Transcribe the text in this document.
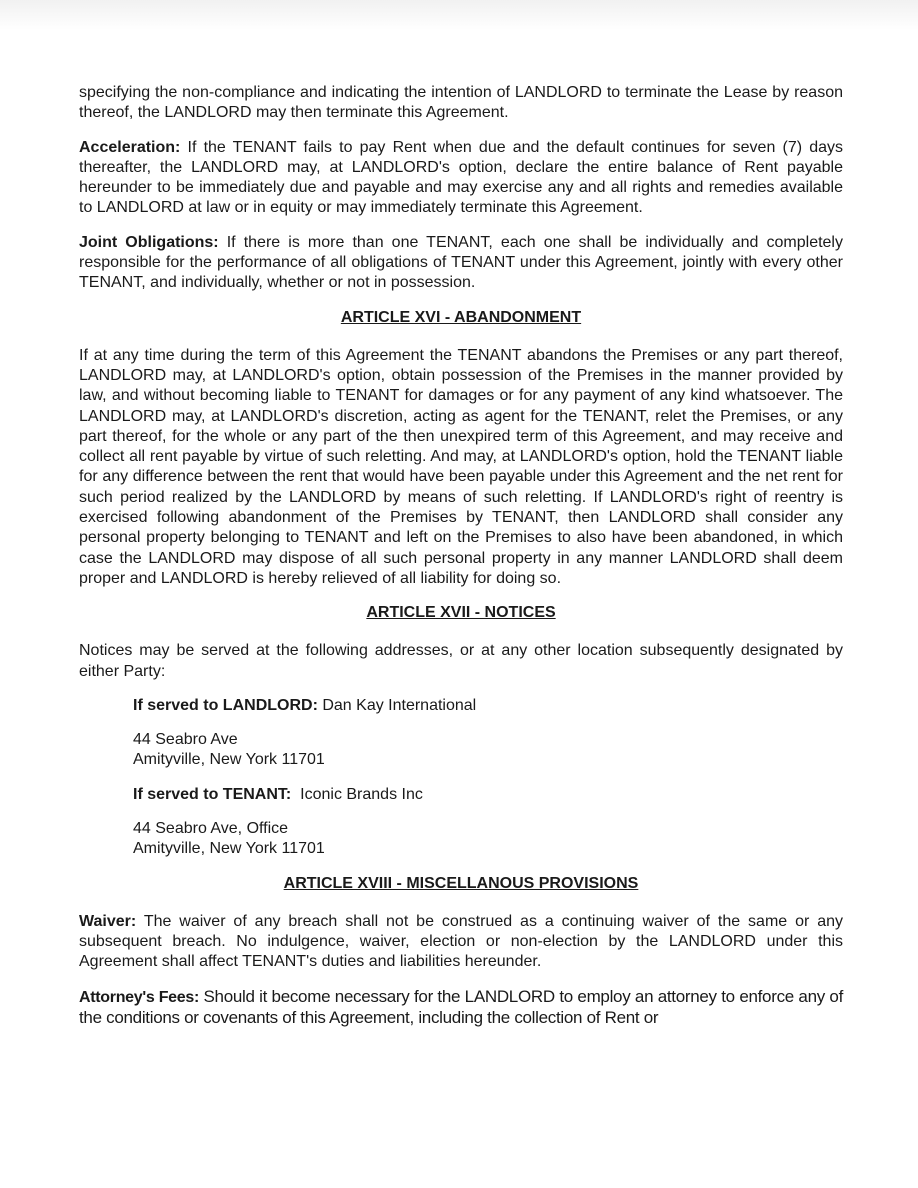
specifying the non-compliance and indicating the intention of LANDLORD to terminate the Lease by reason thereof, the LANDLORD may then terminate this Agreement.

Acceleration: If the TENANT fails to pay Rent when due and the default continues for seven (7) days thereafter, the LANDLORD may, at LANDLORD's option, declare the entire balance of Rent payable hereunder to be immediately due and payable and may exercise any and all rights and remedies available to LANDLORD at law or in equity or may immediately terminate this Agreement.

Joint Obligations: If there is more than one TENANT, each one shall be individually and completely responsible for the performance of all obligations of TENANT under this Agreement, jointly with every other TENANT, and individually, whether or not in possession.

ARTICLE XVI - ABANDONMENT

If at any time during the term of this Agreement the TENANT abandons the Premises or any part thereof, LANDLORD may, at LANDLORD's option, obtain possession of the Premises in the manner provided by law, and without becoming liable to TENANT for damages or for any payment of any kind whatsoever. The LANDLORD may, at LANDLORD's discretion, acting as agent for the TENANT, relet the Premises, or any part thereof, for the whole or any part of the then unexpired term of this Agreement, and may receive and collect all rent payable by virtue of such reletting. And may, at LANDLORD's option, hold the TENANT liable for any difference between the rent that would have been payable under this Agreement and the net rent for such period realized by the LANDLORD by means of such reletting. If LANDLORD's right of reentry is exercised following abandonment of the Premises by TENANT, then LANDLORD shall consider any personal property belonging to TENANT and left on the Premises to also have been abandoned, in which case the LANDLORD may dispose of all such personal property in any manner LANDLORD shall deem proper and LANDLORD is hereby relieved of all liability for doing so.

ARTICLE XVII - NOTICES

Notices may be served at the following addresses, or at any other location subsequently designated by either Party:

If served to LANDLORD: Dan Kay International

44 Seabro Ave
Amityville, New York 11701

If served to TENANT:  Iconic Brands Inc

44 Seabro Ave, Office
Amityville, New York 11701
ARTICLE XVIII - MISCELLANOUS PROVISIONS

Waiver: The waiver of any breach shall not be construed as a continuing waiver of the same or any subsequent breach. No indulgence, waiver, election or non-election by the LANDLORD under this Agreement shall affect TENANT's duties and liabilities hereunder.

Attorney's Fees: Should it become necessary for the LANDLORD to employ an attorney to enforce any of the conditions or covenants of this Agreement, including the collection of Rent or
